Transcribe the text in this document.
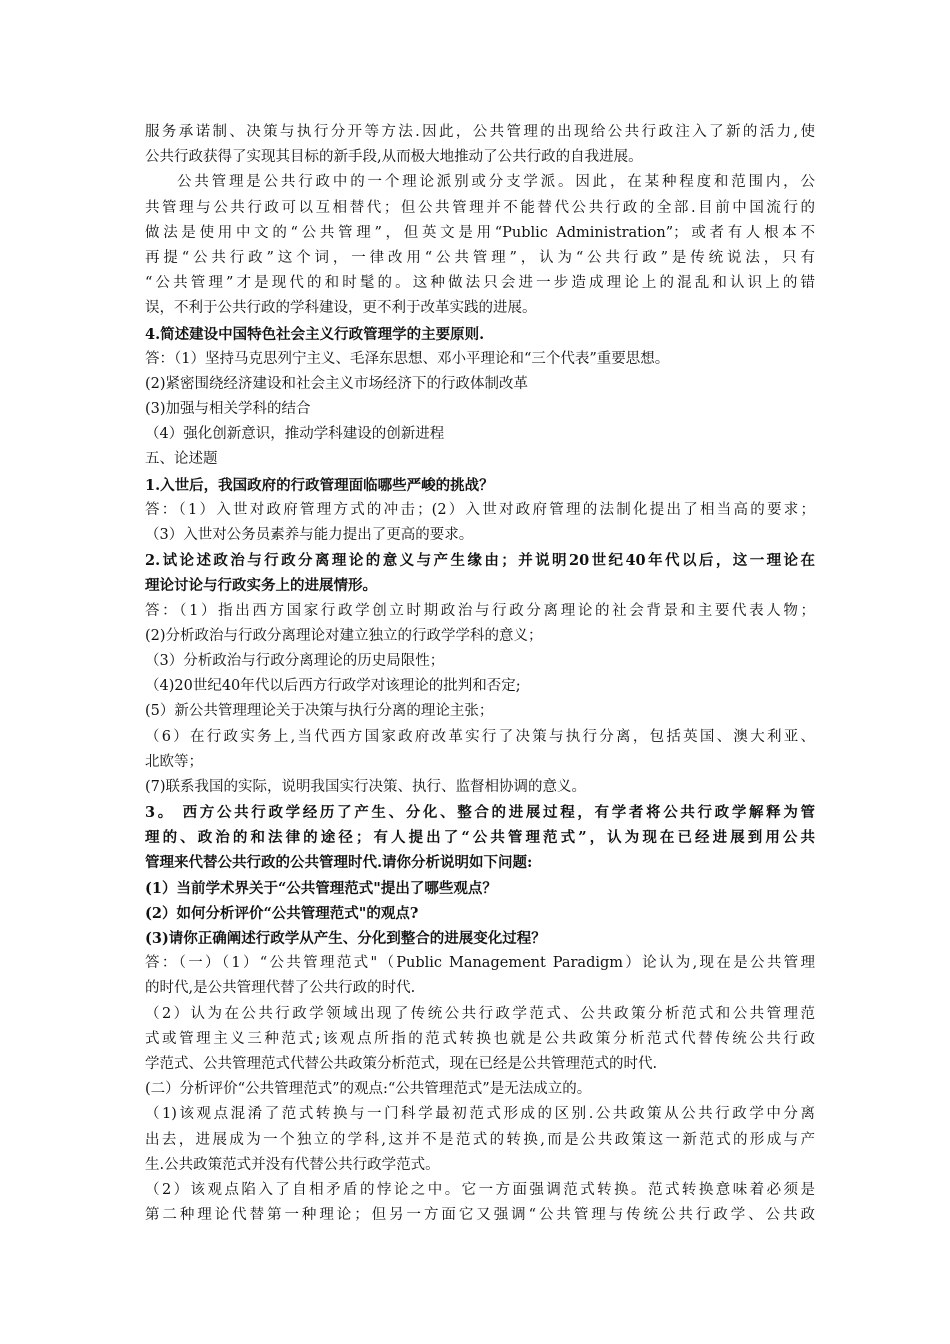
服务承诺制、决策与执行分开等方法.因此，公共管理的出现给公共行政注入了新的活力,使
公共行政获得了实现其目标的新手段,从而极大地推动了公共行政的自我进展。
公共管理是公共行政中的一个理论派别或分支学派。因此，在某种程度和范围内，公
共管理与公共行政可以互相替代；但公共管理并不能替代公共行政的全部.目前中国流行的
做法是使用中文的“公共管理”，但英文是用“Public Administration”；或者有人根本不
再提“公共行政”这个词，一律改用“公共管理”，认为“公共行政”是传统说法，只有
“公共管理”才是现代的和时髦的。这种做法只会进一步造成理论上的混乱和认识上的错
误，不利于公共行政的学科建设，更不利于改革实践的进展。
4.简述建设中国特色社会主义行政管理学的主要原则.
答：（1）坚持马克思列宁主义、毛泽东思想、邓小平理论和“三个代表”重要思想。
(2)紧密围绕经济建设和社会主义市场经济下的行政体制改革
(3)加强与相关学科的结合
（4）强化创新意识，推动学科建设的创新进程
五、论述题
1.入世后，我国政府的行政管理面临哪些严峻的挑战？
答：（1）入世对政府管理方式的冲击；(2）入世对政府管理的法制化提出了相当高的要求；
（3）入世对公务员素养与能力提出了更高的要求。
2.试论述政治与行政分离理论的意义与产生缘由；并说明20世纪40年代以后，这一理论在
理论讨论与行政实务上的进展情形。
答：（1）指出西方国家行政学创立时期政治与行政分离理论的社会背景和主要代表人物；
(2)分析政治与行政分离理论对建立独立的行政学学科的意义；
（3）分析政治与行政分离理论的历史局限性；
（4)20世纪40年代以后西方行政学对该理论的批判和否定;
(5）新公共管理理论关于决策与执行分离的理论主张；
（6）在行政实务上,当代西方国家政府改革实行了决策与执行分离，包括英国、澳大利亚、
北欧等；
(7)联系我国的实际，说明我国实行决策、执行、监督相协调的意义。
3。 西方公共行政学经历了产生、分化、整合的进展过程，有学者将公共行政学解释为管
理的、政治的和法律的途径；有人提出了“公共管理范式”，认为现在已经进展到用公共
管理来代替公共行政的公共管理时代.请你分析说明如下问题:
(1）当前学术界关于“公共管理范式"提出了哪些观点？
(2）如何分析评价“公共管理范式"的观点?
(3)请你正确阐述行政学从产生、分化到整合的进展变化过程？
答：（一）（1）“公共管理范式"（Public Management Paradigm）论认为,现在是公共管理
的时代,是公共管理代替了公共行政的时代.
（2）认为在公共行政学领域出现了传统公共行政学范式、公共政策分析范式和公共管理范
式或管理主义三种范式;该观点所指的范式转换也就是公共政策分析范式代替传统公共行政
学范式、公共管理范式代替公共政策分析范式，现在已经是公共管理范式的时代.
(二）分析评价“公共管理范式”的观点:“公共管理范式”是无法成立的。
（1)该观点混淆了范式转换与一门科学最初范式形成的区别.公共政策从公共行政学中分离
出去，进展成为一个独立的学科,这并不是范式的转换,而是公共政策这一新范式的形成与产
生.公共政策范式并没有代替公共行政学范式。
（2）该观点陷入了自相矛盾的悖论之中。它一方面强调范式转换。范式转换意味着必须是
第二种理论代替第一种理论；但另一方面它又强调“公共管理与传统公共行政学、公共政
